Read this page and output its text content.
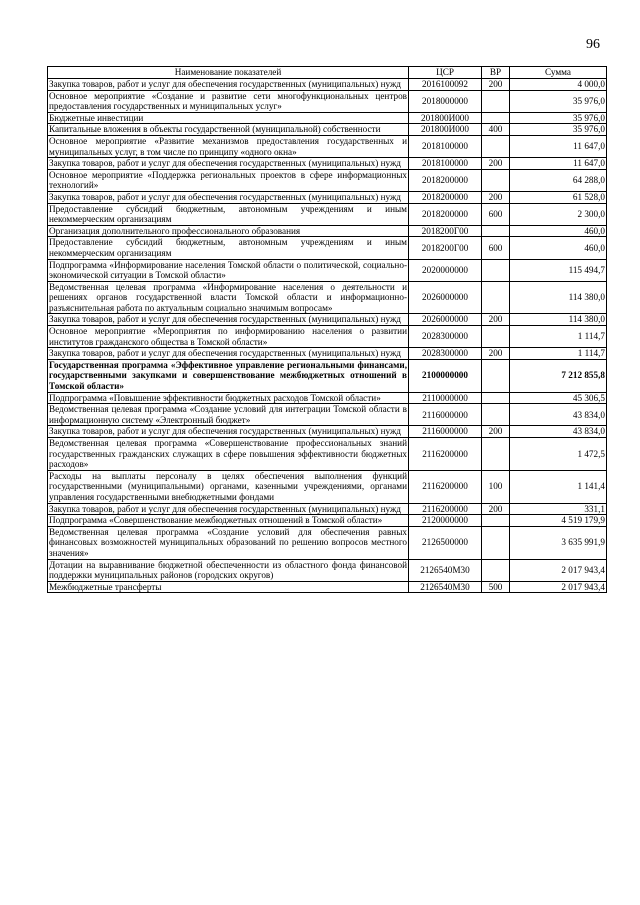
96
Наименование показателей	ЦСР	ВР	Сумма
Закупка товаров, работ и услуг для обеспечения государственных (муниципальных) нужд	2016100092	200	4 000,0
Основное мероприятие «Создание и развитие сети многофункциональных центров предоставления государственных и муниципальных услуг»	2018000000		35 976,0
Бюджетные инвестиции	201800И000		35 976,0
Капитальные вложения в объекты государственной (муниципальной) собственности	201800И000	400	35 976,0
Основное мероприятие «Развитие механизмов предоставления государственных и муниципальных услуг, в том числе по принципу «одного окна»	2018100000		11 647,0
Закупка товаров, работ и услуг для обеспечения государственных (муниципальных) нужд	2018100000	200	11 647,0
Основное мероприятие «Поддержка региональных проектов в сфере информационных технологий»	2018200000		64 288,0
Закупка товаров, работ и услуг для обеспечения государственных (муниципальных) нужд	2018200000	200	61 528,0
Предоставление субсидий бюджетным, автономным учреждениям и иным некоммерческим организациям	2018200000	600	2 300,0
Организация дополнительного профессионального образования	2018200Г00		460,0
Предоставление субсидий бюджетным, автономным учреждениям и иным некоммерческим организациям	2018200Г00	600	460,0
Подпрограмма «Информирование населения Томской области о политической, социально-экономической ситуации в Томской области»	2020000000		115 494,7
Ведомственная целевая программа «Информирование населения о деятельности и решениях органов государственной власти Томской области и информационно-разъяснительная работа по актуальным социально значимым вопросам»	2026000000		114 380,0
Закупка товаров, работ и услуг для обеспечения государственных (муниципальных) нужд	2026000000	200	114 380,0
Основное мероприятие «Мероприятия по информированию населения о развитии институтов гражданского общества в Томской области»	2028300000		1 114,7
Закупка товаров, работ и услуг для обеспечения государственных (муниципальных) нужд	2028300000	200	1 114,7
Государственная программа «Эффективное управление региональными финансами, государственными закупками и совершенствование межбюджетных отношений в Томской области»	2100000000		7 212 855,8
Подпрограмма «Повышение эффективности бюджетных расходов Томской области»	2110000000		45 306,5
Ведомственная целевая программа «Создание условий для интеграции Томской области в информационную систему «Электронный бюджет»	2116000000		43 834,0
Закупка товаров, работ и услуг для обеспечения государственных (муниципальных) нужд	2116000000	200	43 834,0
Ведомственная целевая программа «Совершенствование профессиональных знаний государственных гражданских служащих в сфере повышения эффективности бюджетных расходов»	2116200000		1 472,5
Расходы на выплаты персоналу в целях обеспечения выполнения функций государственными (муниципальными) органами, казенными учреждениями, органами управления государственными внебюджетными фондами	2116200000	100	1 141,4
Закупка товаров, работ и услуг для обеспечения государственных (муниципальных) нужд	2116200000	200	331,1
Подпрограмма «Совершенствование межбюджетных отношений в Томской области»	2120000000		4 519 179,9
Ведомственная целевая программа «Создание условий для обеспечения равных финансовых возможностей муниципальных образований по решению вопросов местного значения»	2126500000		3 635 991,9
Дотации на выравнивание бюджетной обеспеченности из областного фонда финансовой поддержки муниципальных районов (городских округов)	2126540М30		2 017 943,4
Межбюджетные трансферты	2126540М30	500	2 017 943,4
